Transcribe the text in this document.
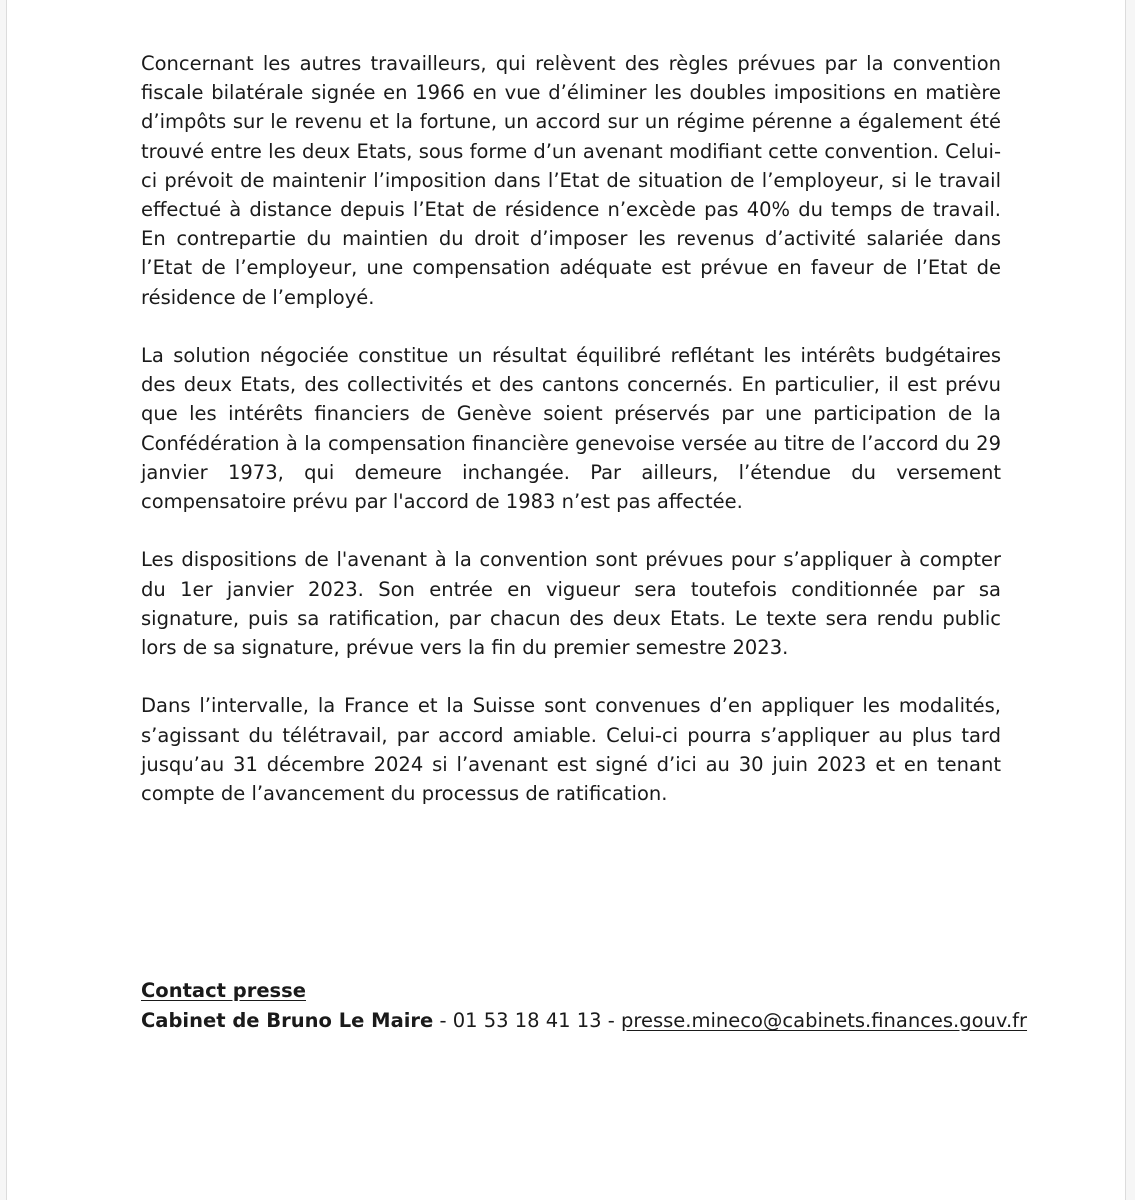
Concernant les autres travailleurs, qui relèvent des règles prévues par la convention fiscale bilatérale signée en 1966 en vue d’éliminer les doubles impositions en matière d’impôts sur le revenu et la fortune, un accord sur un régime pérenne a également été trouvé entre les deux Etats, sous forme d’un avenant modifiant cette convention. Celui-ci prévoit de maintenir l’imposition dans l’Etat de situation de l’employeur, si le travail effectué à distance depuis l’Etat de résidence n’excède pas 40% du temps de travail. En contrepartie du maintien du droit d’imposer les revenus d’activité salariée dans l’Etat de l’employeur, une compensation adéquate est prévue en faveur de l’Etat de résidence de l’employé.

La solution négociée constitue un résultat équilibré reflétant les intérêts budgétaires des deux Etats, des collectivités et des cantons concernés. En particulier, il est prévu que les intérêts financiers de Genève soient préservés par une participation de la Confédération à la compensation financière genevoise versée au titre de l’accord du 29 janvier 1973, qui demeure inchangée. Par ailleurs, l’étendue du versement compensatoire prévu par l'accord de 1983 n’est pas affectée.

Les dispositions de l'avenant à la convention sont prévues pour s’appliquer à compter du 1er janvier 2023. Son entrée en vigueur sera toutefois conditionnée par sa signature, puis sa ratification, par chacun des deux Etats. Le texte sera rendu public lors de sa signature, prévue vers la fin du premier semestre 2023.

Dans l’intervalle, la France et la Suisse sont convenues d’en appliquer les modalités, s’agissant du télétravail, par accord amiable. Celui-ci pourra s’appliquer au plus tard jusqu’au 31 décembre 2024 si l’avenant est signé d’ici au 30 juin 2023 et en tenant compte de l’avancement du processus de ratification.

Contact presse
Cabinet de Bruno Le Maire - 01 53 18 41 13 - presse.mineco@cabinets.finances.gouv.fr
